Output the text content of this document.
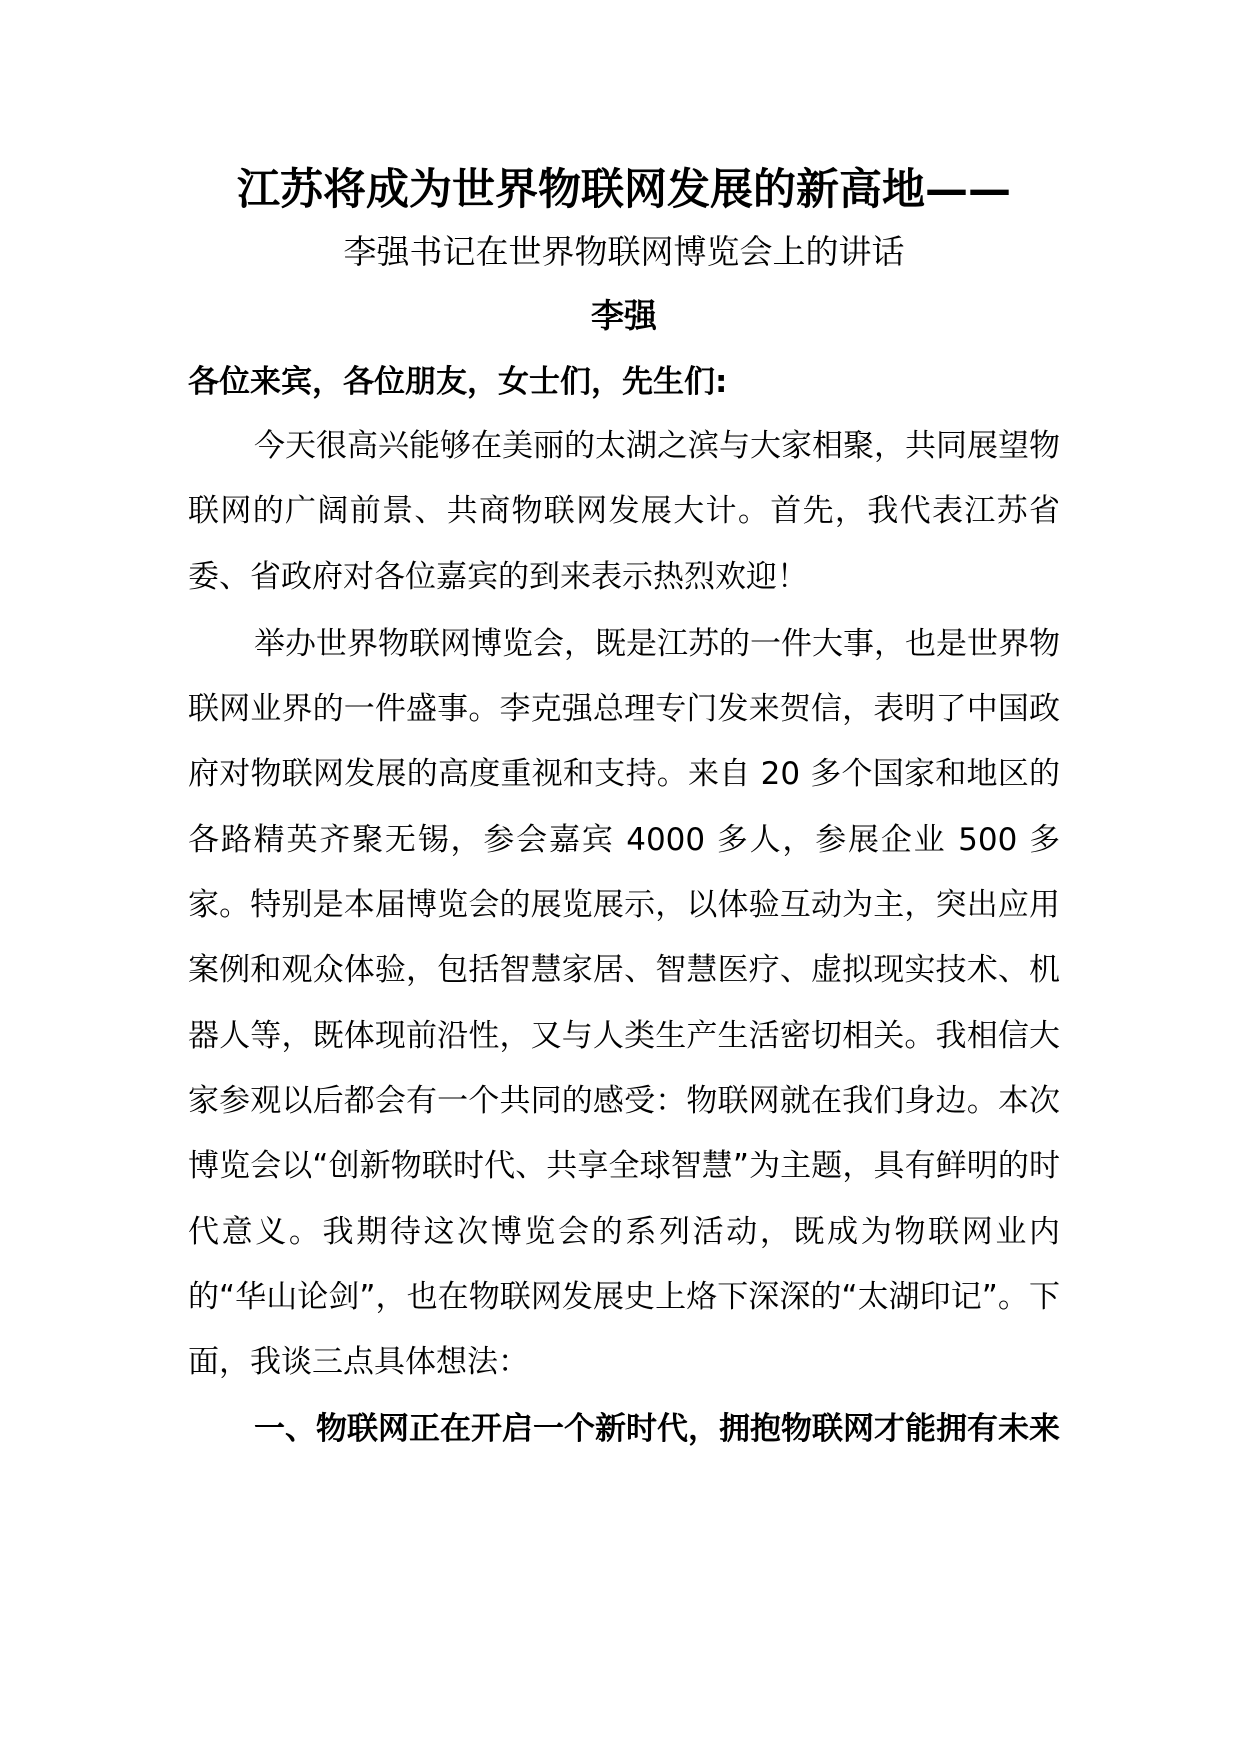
江苏将成为世界物联网发展的新高地——
李强书记在世界物联网博览会上的讲话
李强
各位来宾，各位朋友，女士们，先生们:

今天很高兴能够在美丽的太湖之滨与大家相聚，共同展望物联网的广阔前景、共商物联网发展大计。首先，我代表江苏省委、省政府对各位嘉宾的到来表示热烈欢迎！

举办世界物联网博览会，既是江苏的一件大事，也是世界物联网业界的一件盛事。李克强总理专门发来贺信，表明了中国政府对物联网发展的高度重视和支持。来自 20 多个国家和地区的各路精英齐聚无锡，参会嘉宾 4000 多人，参展企业 500 多家。特别是本届博览会的展览展示，以体验互动为主，突出应用案例和观众体验，包括智慧家居、智慧医疗、虚拟现实技术、机器人等，既体现前沿性，又与人类生产生活密切相关。我相信大家参观以后都会有一个共同的感受：物联网就在我们身边。本次博览会以“创新物联时代、共享全球智慧”为主题，具有鲜明的时代意义。我期待这次博览会的系列活动，既成为物联网业内的“华山论剑”，也在物联网发展史上烙下深深的“太湖印记”。下面，我谈三点具体想法：

一、物联网正在开启一个新时代，拥抱物联网才能拥有未来
